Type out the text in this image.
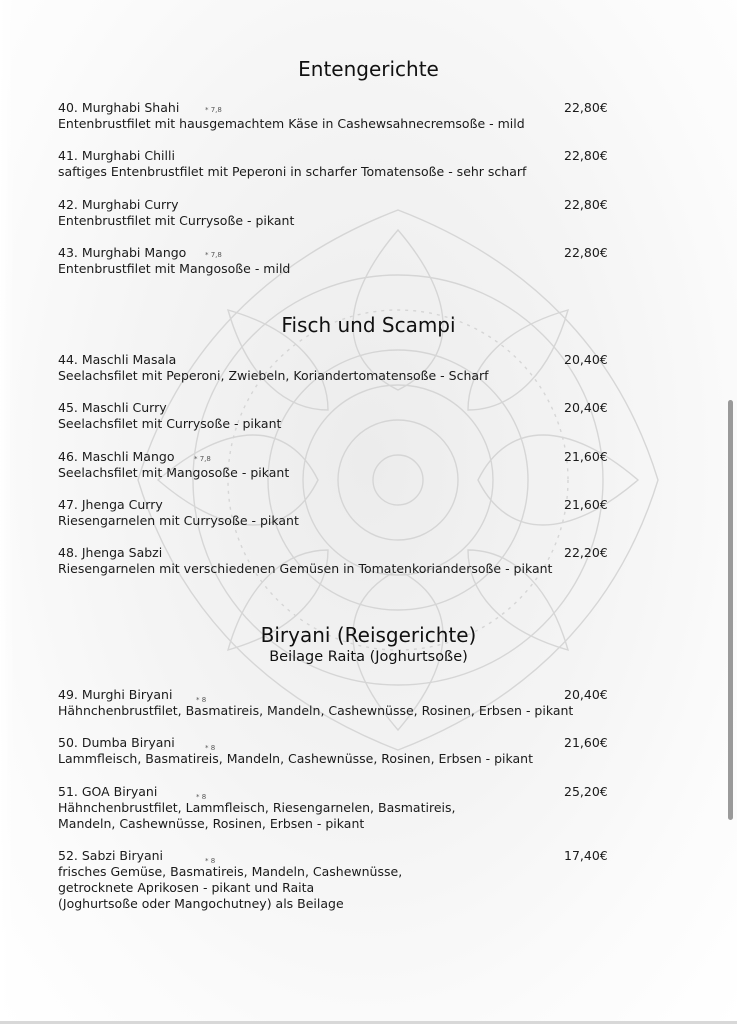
Entengerichte
40. Murghabi Shahi	* 7,8	22,80€
Entenbrustfilet mit hausgemachtem Käse in Cashewsahnecremsoße - mild
41. Murghabi Chilli	22,80€
saftiges Entenbrustfilet mit Peperoni in scharfer Tomatensoße - sehr scharf
42. Murghabi Curry	22,80€
Entenbrustfilet mit Currysoße - pikant
43. Murghabi Mango	* 7,8	22,80€
Entenbrustfilet mit Mangosoße - mild
Fisch und Scampi
44. Maschli Masala	20,40€
Seelachsfilet mit Peperoni, Zwiebeln, Koriandertomatensoße - Scharf
45. Maschli Curry	20,40€
Seelachsfilet mit Currysoße - pikant
46. Maschli Mango	* 7,8	21,60€
Seelachsfilet mit Mangosoße - pikant
47. Jhenga Curry	21,60€
Riesengarnelen mit Currysoße - pikant
48. Jhenga Sabzi	22,20€
Riesengarnelen mit verschiedenen Gemüsen in Tomatenkoriandersoße - pikant
Biryani (Reisgerichte)
Beilage Raita (Joghurtsoße)
49. Murghi Biryani	* 8	20,40€
Hähnchenbrustfilet, Basmatireis, Mandeln, Cashewnüsse, Rosinen, Erbsen - pikant
50. Dumba Biryani	* 8	21,60€
Lammfleisch, Basmatireis, Mandeln, Cashewnüsse, Rosinen, Erbsen - pikant
51. GOA Biryani	* 8	25,20€
Hähnchenbrustfilet, Lammfleisch, Riesengarnelen, Basmatireis,
Mandeln, Cashewnüsse, Rosinen, Erbsen - pikant
52. Sabzi Biryani	* 8	17,40€
frisches Gemüse, Basmatireis, Mandeln, Cashewnüsse,
getrocknete Aprikosen - pikant und Raita
(Joghurtsoße oder Mangochutney) als Beilage
